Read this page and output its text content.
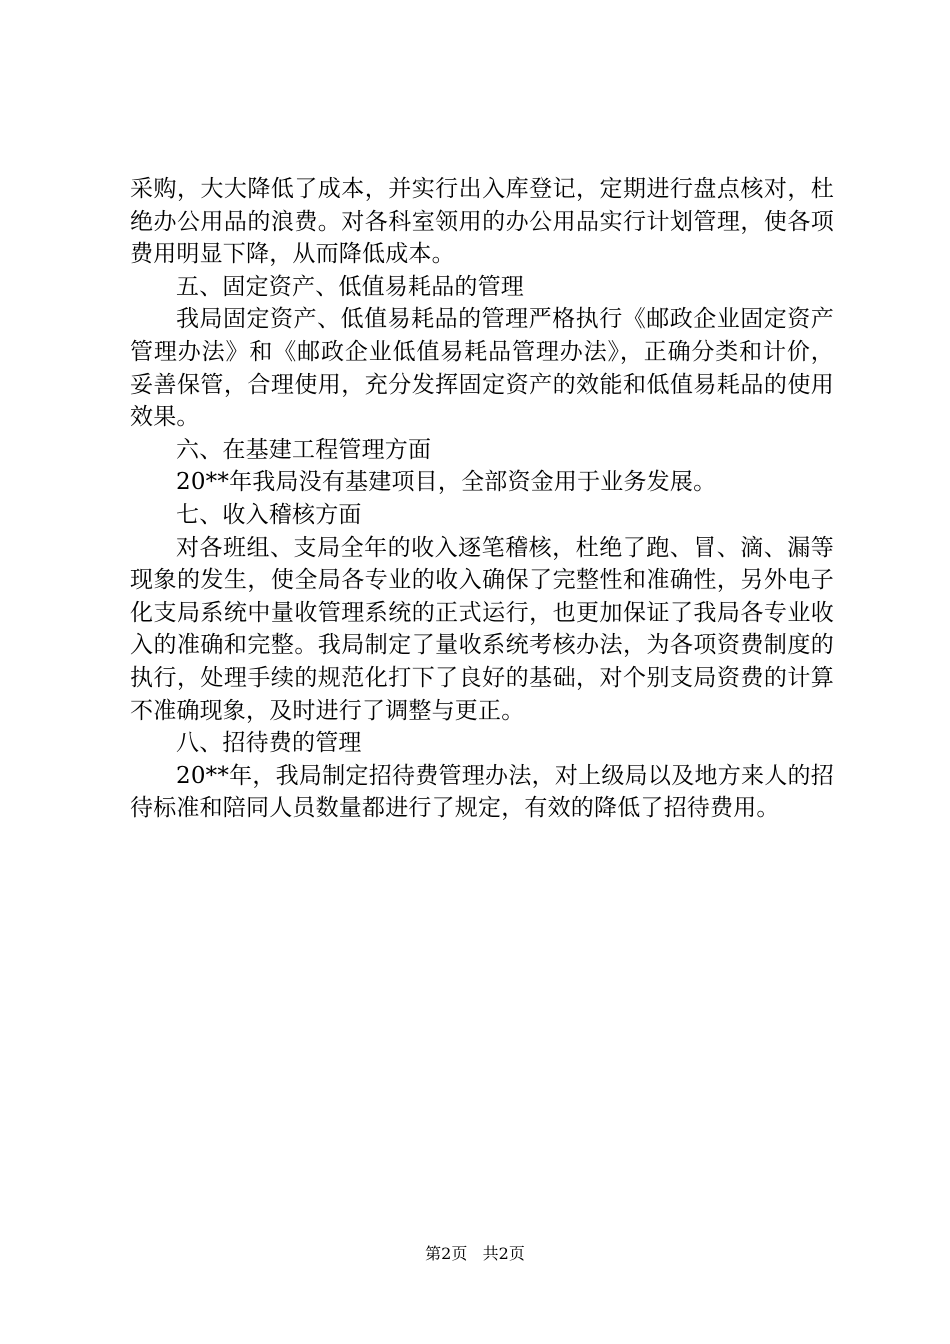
采购，大大降低了成本，并实行出入库登记，定期进行盘点核对，杜绝办公用品的浪费。对各科室领用的办公用品实行计划管理，使各项费用明显下降，从而降低成本。

五、固定资产、低值易耗品的管理

我局固定资产、低值易耗品的管理严格执行《邮政企业固定资产管理办法》和《邮政企业低值易耗品管理办法》，正确分类和计价，妥善保管，合理使用，充分发挥固定资产的效能和低值易耗品的使用效果。

六、在基建工程管理方面

20**年我局没有基建项目，全部资金用于业务发展。

七、收入稽核方面

对各班组、支局全年的收入逐笔稽核，杜绝了跑、冒、滴、漏等现象的发生，使全局各专业的收入确保了完整性和准确性，另外电子化支局系统中量收管理系统的正式运行，也更加保证了我局各专业收入的准确和完整。我局制定了量收系统考核办法，为各项资费制度的执行，处理手续的规范化打下了良好的基础，对个别支局资费的计算不准确现象，及时进行了调整与更正。

八、招待费的管理

20**年，我局制定招待费管理办法，对上级局以及地方来人的招待标准和陪同人员数量都进行了规定，有效的降低了招待费用。

第2页 共2页
